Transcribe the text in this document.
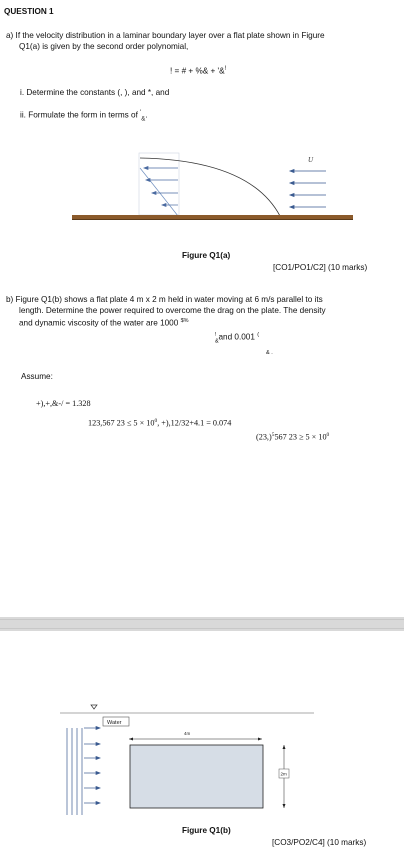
QUESTION 1
a) If the velocity distribution in a laminar boundary layer over a flat plate shown in Figure
Q1(a) is given by the second order polynomial,
! = # + %& + '&!
i. Determine the constants (, ), and *, and
ii. Formulate the form in terms of '$_{\&}$.
U
Figure Q1(a)
[CO1/PO1/C2] (10 marks)
b) Figure Q1(b) shows a flat plate 4 m x 2 m held in water moving at 6 m/s parallel to its
length. Determine the power required to overcome the drag on the plate. The density
and dynamic viscosity of the water are 1000 $%
$_{\&}$! and 0.001 (
& .
Assume:
+),+,&-/ = 1.328
123,567 $23 \le 5 \times 10^0$, +),12/32+4.1 = 0.074
$(23,)^5567$ $23 \ge 5 \times 10^0$
Water
4m
2m
Figure Q1(b)
[CO3/PO2/C4] (10 marks)
